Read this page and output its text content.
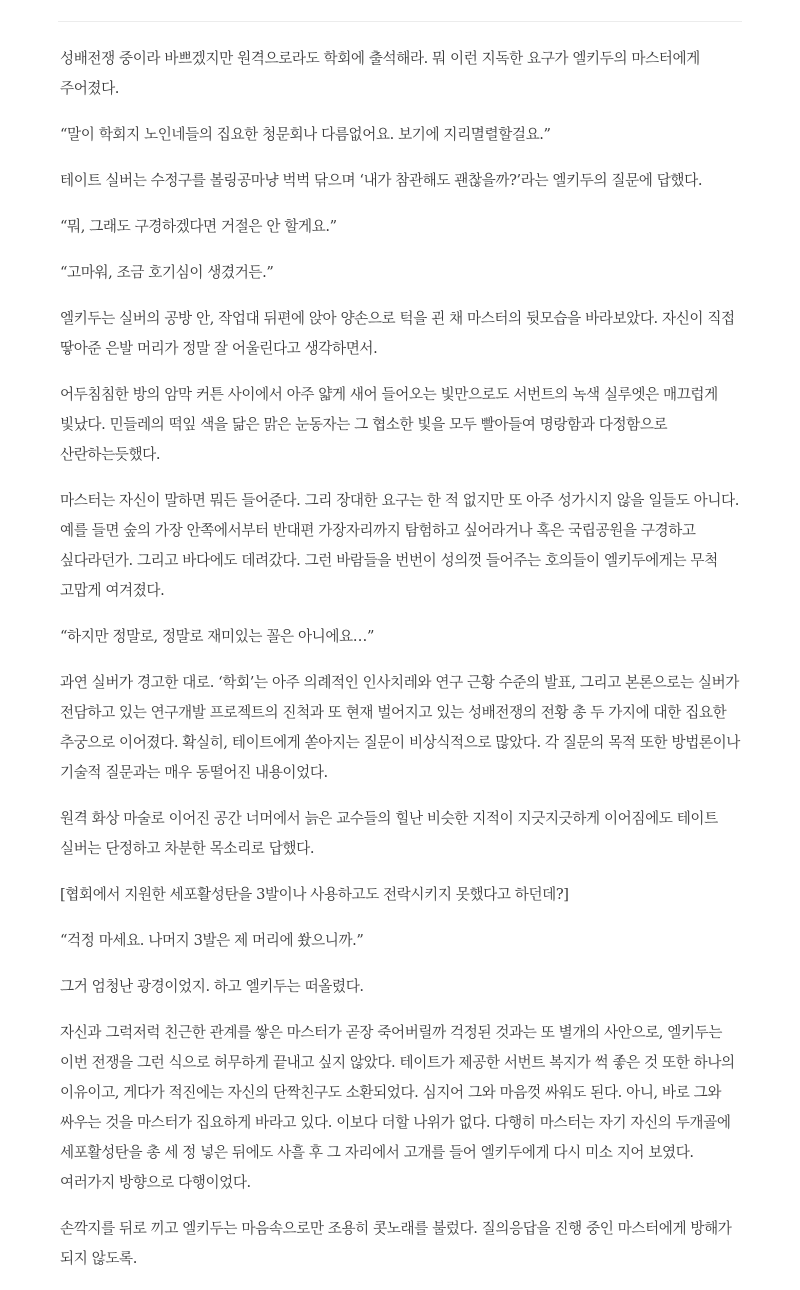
성배전쟁 중이라 바쁘겠지만 원격으로라도 학회에 출석해라. 뭐 이런 지독한 요구가 엘키두의 마스터에게 주어졌다.

“말이 학회지 노인네들의 집요한 청문회나 다름없어요. 보기에 지리멸렬할걸요.”

테이트 실버는 수정구를 볼링공마냥 벅벅 닦으며 ‘내가 참관해도 괜찮을까?’라는 엘키두의 질문에 답했다.

“뭐, 그래도 구경하겠다면 거절은 안 할게요.”

“고마워, 조금 호기심이 생겼거든.”

엘키두는 실버의 공방 안, 작업대 뒤편에 앉아 양손으로 턱을 괸 채 마스터의 뒷모습을 바라보았다. 자신이 직접 땋아준 은발 머리가 정말 잘 어울린다고 생각하면서.

어두침침한 방의 암막 커튼 사이에서 아주 얇게 새어 들어오는 빛만으로도 서번트의 녹색 실루엣은 매끄럽게 빛났다. 민들레의 떡잎 색을 닮은 맑은 눈동자는 그 협소한 빛을 모두 빨아들여 명랑함과 다정함으로 산란하는듯했다.

마스터는 자신이 말하면 뭐든 들어준다. 그리 장대한 요구는 한 적 없지만 또 아주 성가시지 않을 일들도 아니다. 예를 들면 숲의 가장 안쪽에서부터 반대편 가장자리까지 탐험하고 싶어라거나 혹은 국립공원을 구경하고 싶다라던가. 그리고 바다에도 데려갔다. 그런 바람들을 번번이 성의껏 들어주는 호의들이 엘키두에게는 무척 고맙게 여겨졌다.

“하지만 정말로, 정말로 재미있는 꼴은 아니에요…”

과연 실버가 경고한 대로. ‘학회’는 아주 의례적인 인사치레와 연구 근황 수준의 발표, 그리고 본론으로는 실버가 전담하고 있는 연구개발 프로젝트의 진척과 또 현재 벌어지고 있는 성배전쟁의 전황 총 두 가지에 대한 집요한 추궁으로 이어졌다. 확실히, 테이트에게 쏟아지는 질문이 비상식적으로 많았다. 각 질문의 목적 또한 방법론이나 기술적 질문과는 매우 동떨어진 내용이었다.

원격 화상 마술로 이어진 공간 너머에서 늙은 교수들의 힐난 비슷한 지적이 지긋지긋하게 이어짐에도 테이트 실버는 단정하고 차분한 목소리로 답했다.

[협회에서 지원한 세포활성탄을 3발이나 사용하고도 전락시키지 못했다고 하던데?]

“걱정 마세요. 나머지 3발은 제 머리에 쐈으니까.”

그거 엄청난 광경이었지. 하고 엘키두는 떠올렸다.

자신과 그럭저럭 친근한 관계를 쌓은 마스터가 곧장 죽어버릴까 걱정된 것과는 또 별개의 사안으로, 엘키두는 이번 전쟁을 그런 식으로 허무하게 끝내고 싶지 않았다. 테이트가 제공한 서번트 복지가 썩 좋은 것 또한 하나의 이유이고, 게다가 적진에는 자신의 단짝친구도 소환되었다. 심지어 그와 마음껏 싸워도 된다. 아니, 바로 그와 싸우는 것을 마스터가 집요하게 바라고 있다. 이보다 더할 나위가 없다. 다행히 마스터는 자기 자신의 두개골에 세포활성탄을 총 세 정 넣은 뒤에도 사흘 후 그 자리에서 고개를 들어 엘키두에게 다시 미소 지어 보였다. 여러가지 방향으로 다행이었다.

손깍지를 뒤로 끼고 엘키두는 마음속으로만 조용히 콧노래를 불렀다. 질의응답을 진행 중인 마스터에게 방해가 되지 않도록.
